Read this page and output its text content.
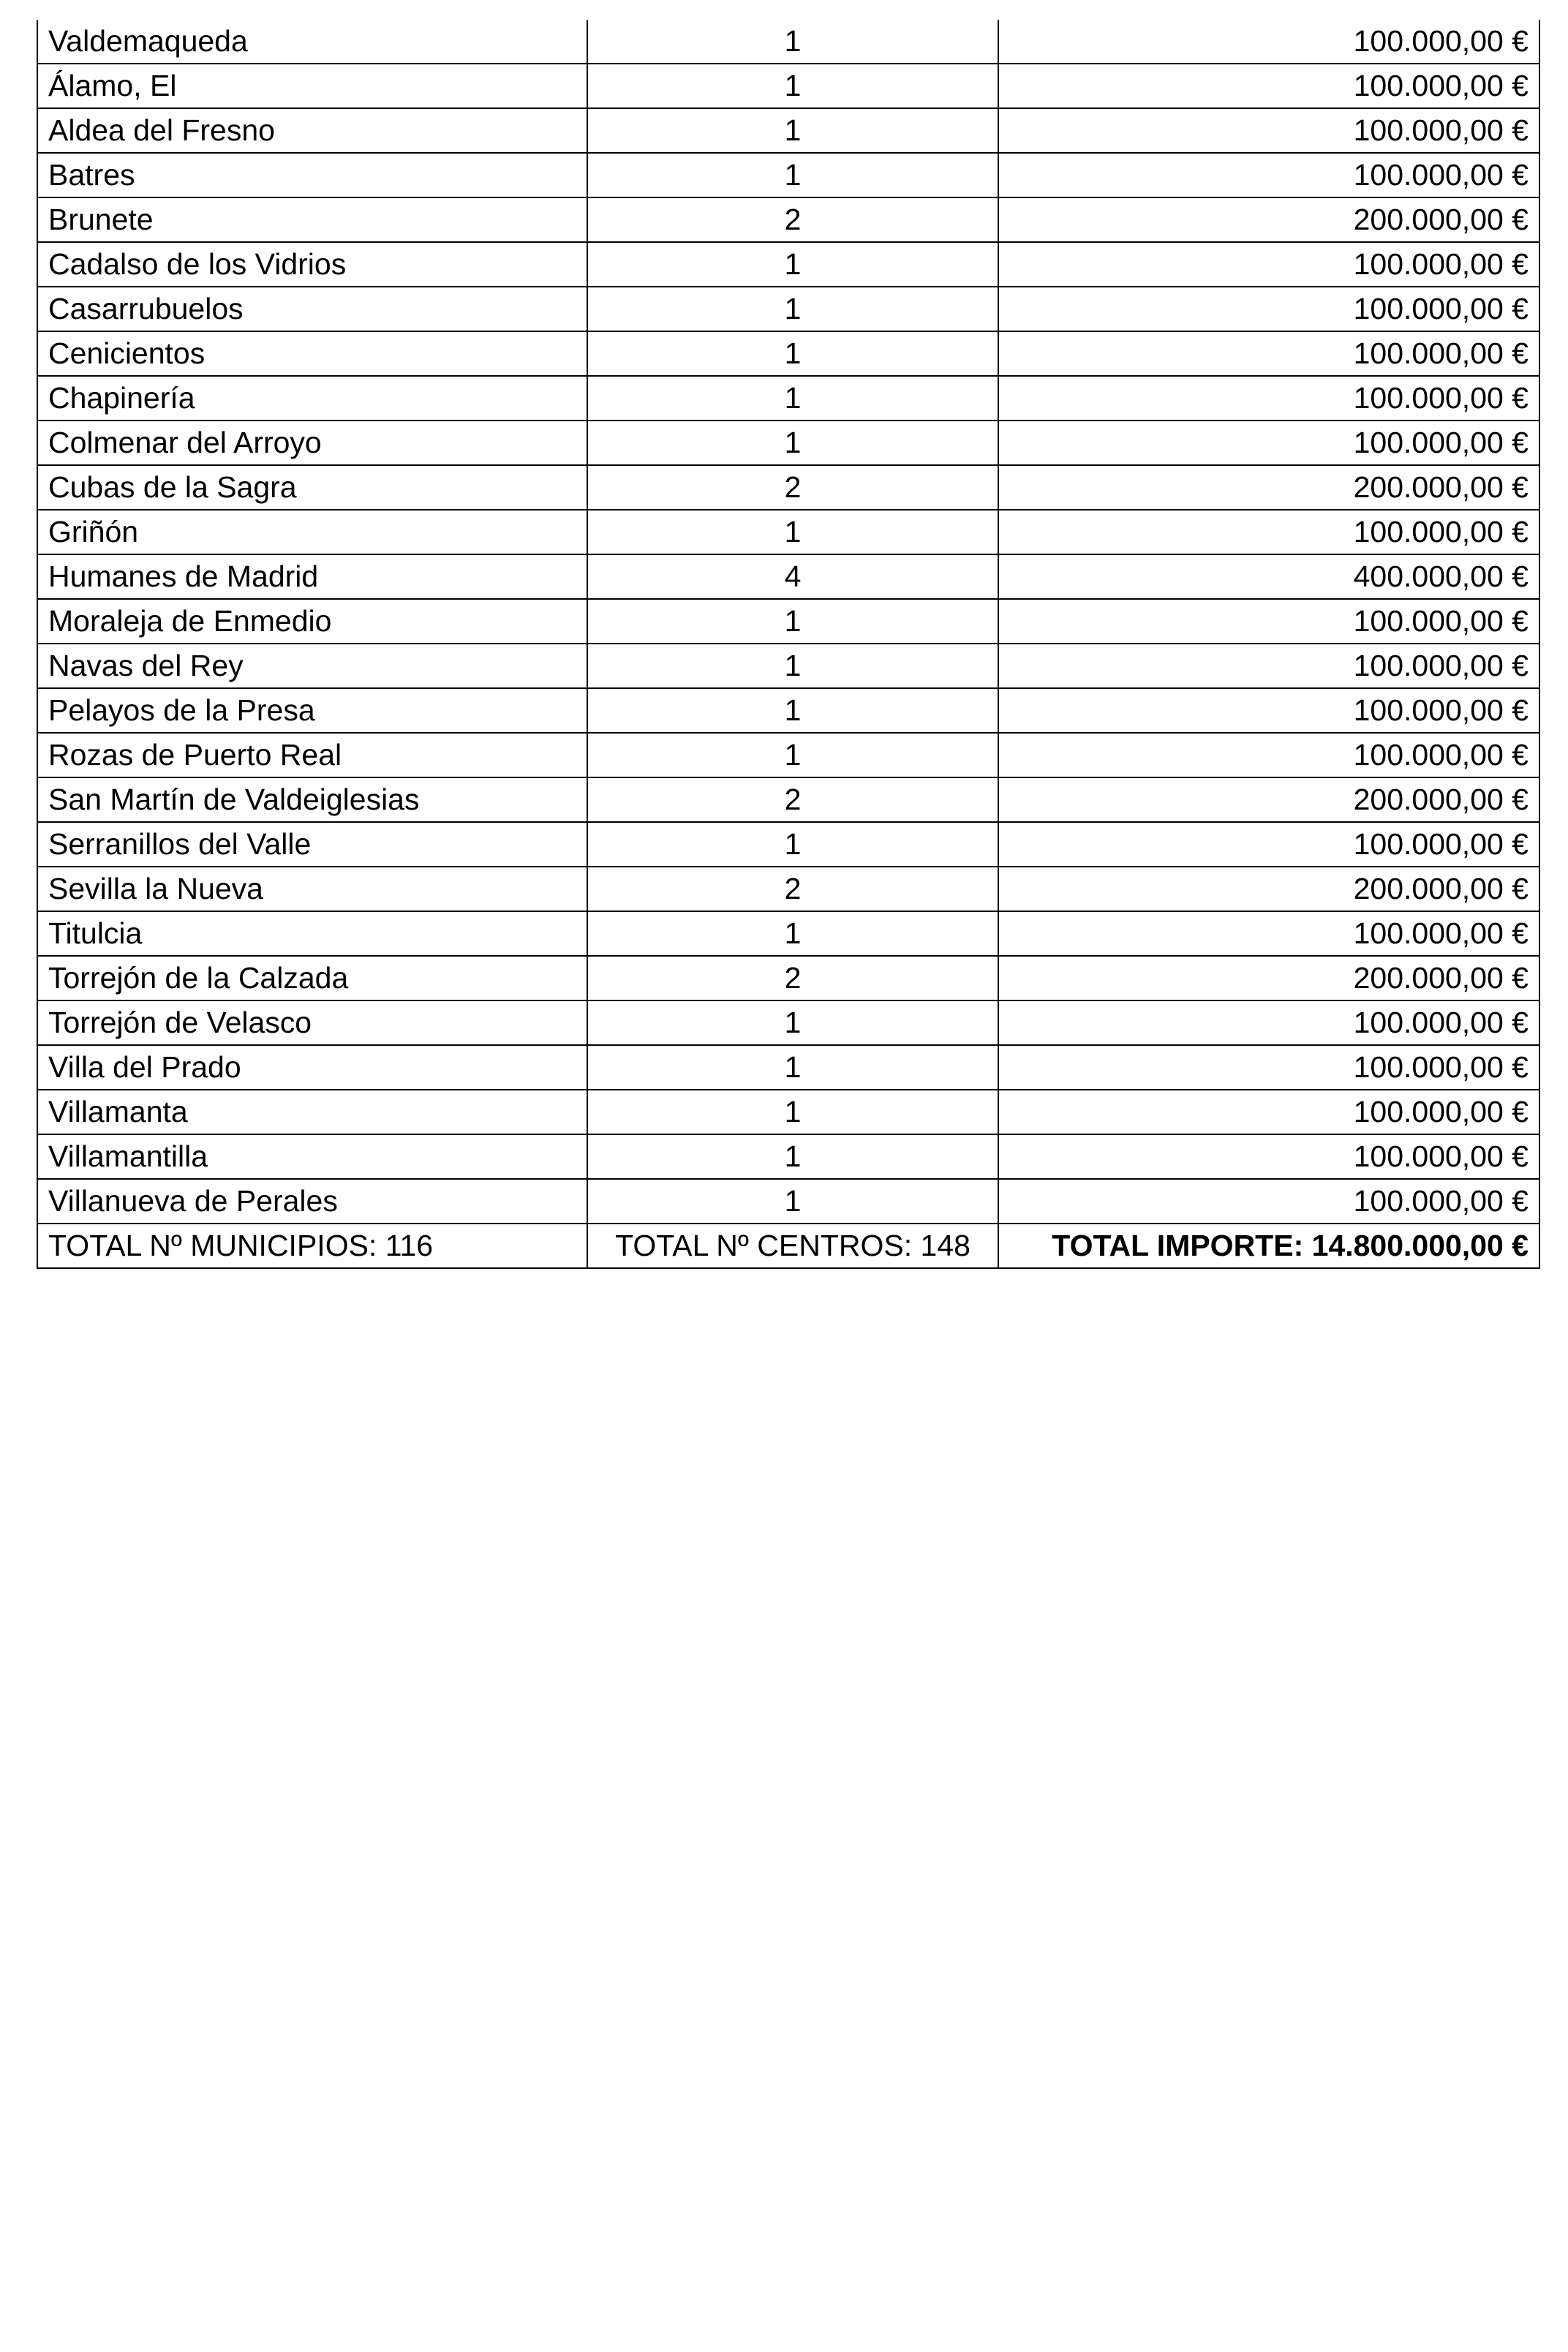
Valdemaqueda	1	100.000,00 €
Álamo, El	1	100.000,00 €
Aldea del Fresno	1	100.000,00 €
Batres	1	100.000,00 €
Brunete	2	200.000,00 €
Cadalso de los Vidrios	1	100.000,00 €
Casarrubuelos	1	100.000,00 €
Cenicientos	1	100.000,00 €
Chapinería	1	100.000,00 €
Colmenar del Arroyo	1	100.000,00 €
Cubas de la Sagra	2	200.000,00 €
Griñón	1	100.000,00 €
Humanes de Madrid	4	400.000,00 €
Moraleja de Enmedio	1	100.000,00 €
Navas del Rey	1	100.000,00 €
Pelayos de la Presa	1	100.000,00 €
Rozas de Puerto Real	1	100.000,00 €
San Martín de Valdeiglesias	2	200.000,00 €
Serranillos del Valle	1	100.000,00 €
Sevilla la Nueva	2	200.000,00 €
Titulcia	1	100.000,00 €
Torrejón de la Calzada	2	200.000,00 €
Torrejón de Velasco	1	100.000,00 €
Villa del Prado	1	100.000,00 €
Villamanta	1	100.000,00 €
Villamantilla	1	100.000,00 €
Villanueva de Perales	1	100.000,00 €
TOTAL Nº MUNICIPIOS: 116	TOTAL Nº CENTROS: 148	TOTAL IMPORTE: 14.800.000,00 €
